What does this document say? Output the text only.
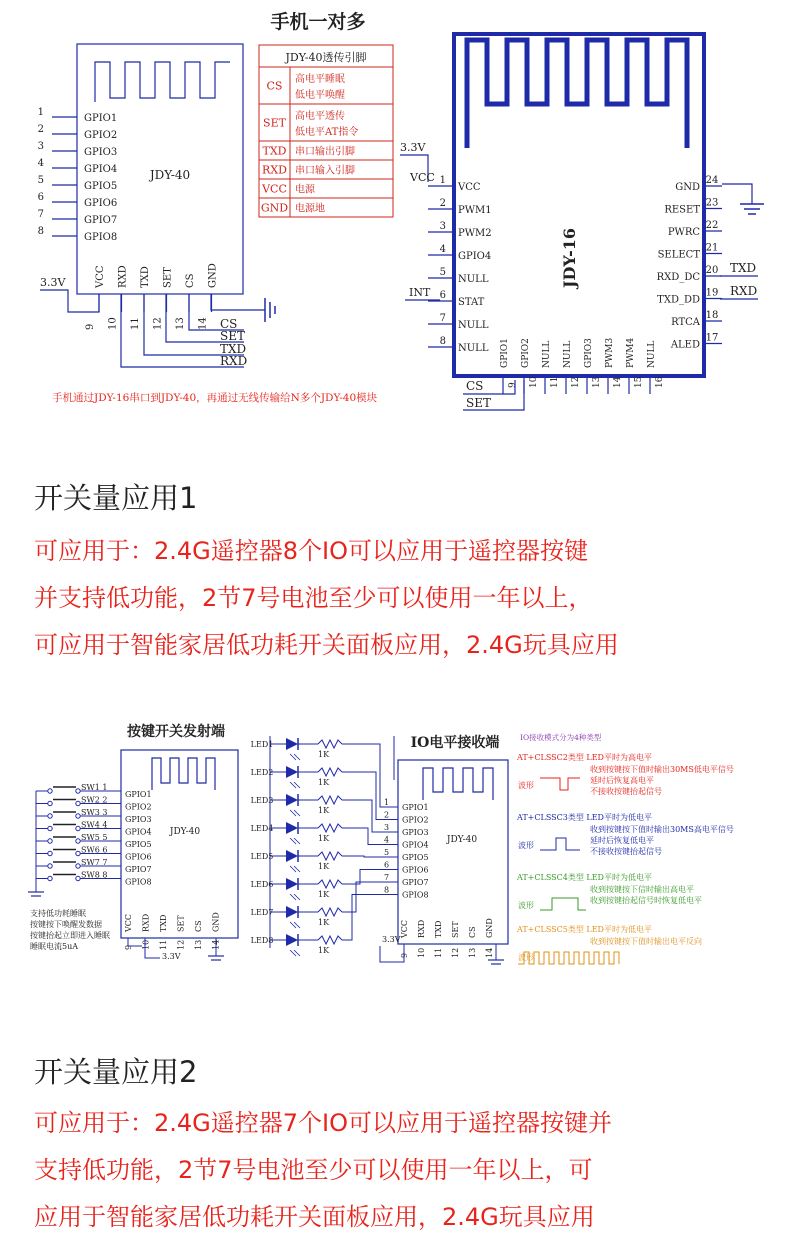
手机一对多
JDY-40
1
GPIO1
2
GPIO2
3
GPIO3
4
GPIO4
5
GPIO5
6
GPIO6
7
GPIO7
8
GPIO8
VCC
9
RXD
10
TXD
11
SET
12
CS
13
GND
14
3.3V
CS
SET
TXD
RXD
JDY-40透传引脚
CS 高电平睡眠
低电平唤醒
SET 高电平透传
低电平AT指令
TXD 串口输出引脚
RXD 串口输入引脚
VCC 电源
GND 电源地
JDY-16
1
VCC
2
PWM1
3
PWM2
4
GPIO4
5
NULL
6
STAT
7
NULL
8
NULL
24
GND
23
RESET
22
PWRC
21
SELECT
20
RXD_DC
19
TXD_DD
18
RTCA
17
ALED
GPIO1
9
GPIO2
10
NULL
11
NULL
12
GPIO3
13
PWM3
14
PWM4
15
NULL
16
3.3V
VCC
INT
TXD
RXD
CS
SET
手机通过JDY-16串口到JDY-40，再通过无线传输给N多个JDY-40模块
开关量应用1

可应用于：2.4G遥控器8个IO可以应用于遥控器按键
并支持低功能，2节7号电池至少可以使用一年以上，
可应用于智能家居低功耗开关面板应用，2.4G玩具应用

按键开关发射端
IO电平接收端
JDY-40
GPIO1
GPIO2
GPIO3
GPIO4
GPIO5
GPIO6
GPIO7
GPIO8
VCC
9
RXD
10
TXD
11
SET
12
CS
13
GND
14
SW1 1
SW2 2
SW3 3
SW4 4
SW5 5
SW6 6
SW7 7
SW8 8
支持低功耗睡眠
按键按下唤醒发数据
按键抬起立即进入睡眠
睡眠电流5uA
3.3V
JDY-40
GPIO1
GPIO2
GPIO3
GPIO4
GPIO5
GPIO6
GPIO7
GPIO8
VCC
9
RXD
10
TXD
11
SET
12
CS
13
GND
14
LED1
1K
1
LED2
1K
2
LED3
1K
3
LED4
1K	4
LED5
1K
5
LED6
1K
6
LED7
1K
7
LED8
1K
8
3.3V
IO接收模式分为4种类型
AT+CLSSC2类型 LED平时为高电平
收到按键按下值时输出30MS低电平信号
延时后恢复高电平
不接收按键抬起信号
波形
AT+CLSSC3类型 LED平时为低电平
收到按键按下值时输出30MS高电平信号
延时后恢复低电平
不接收按键抬起信号
波形
AT+CLSSC4类型 LED平时为低电平
收到按键按下信时输出高电平
收到按键抬起信号时恢复低电平
波形
AT+CLSSC5类型 LED平时为低电平
收到按键按下值时输出电平反向
波形
开关量应用2

可应用于：2.4G遥控器7个IO可以应用于遥控器按键并
支持低功能，2节7号电池至少可以使用一年以上，可
应用于智能家居低功耗开关面板应用，2.4G玩具应用
